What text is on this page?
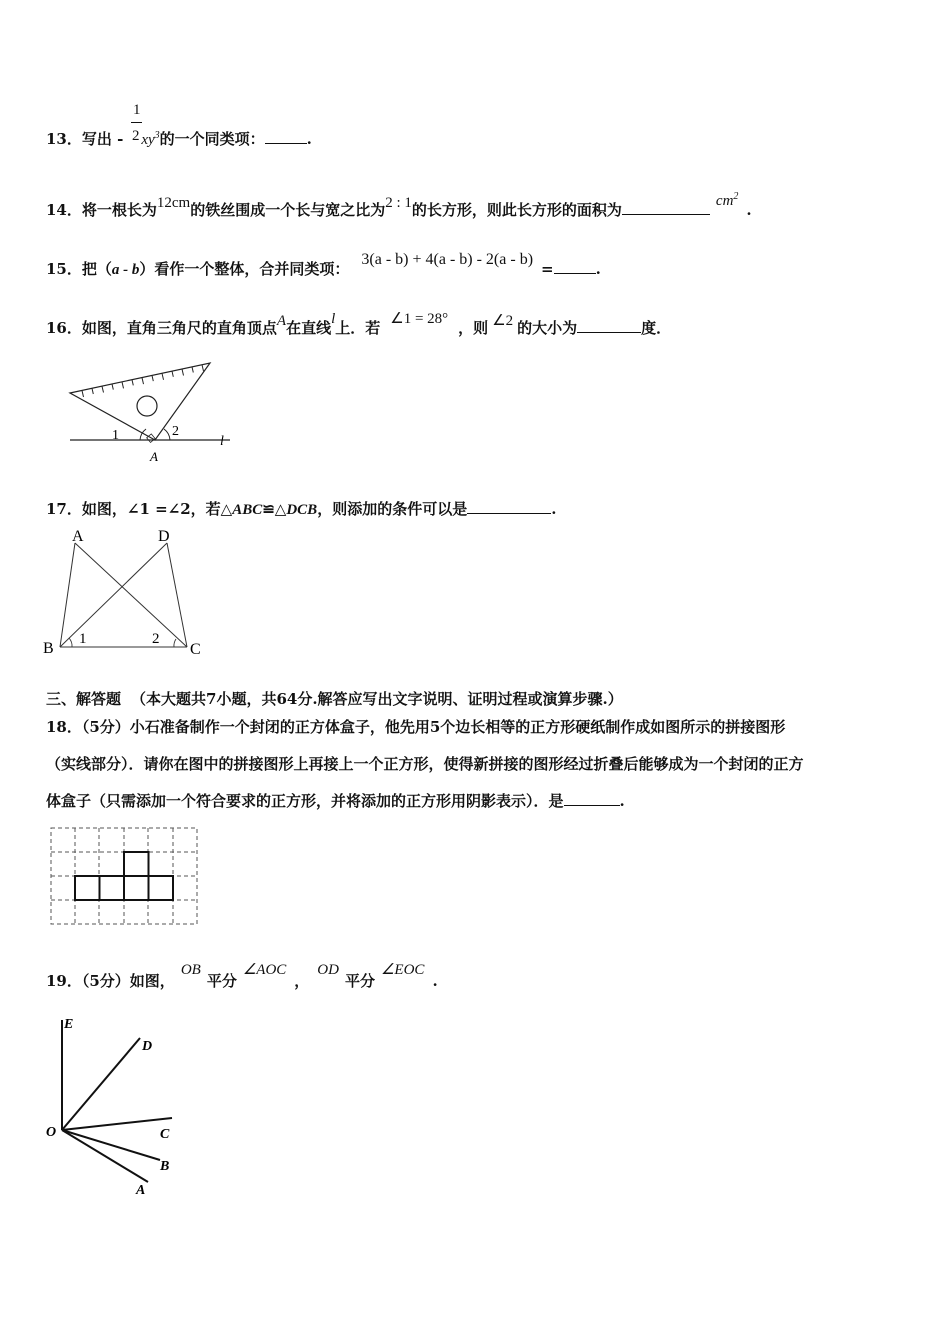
13．写出 - $xy^3$的一个同类项：	.
1
2
14．将一根长为12cm的铁丝围成一个长与宽之比为2 : 1的长方形，则此长方形的面积为	$cm^2$.
15．把（a - b）看作一个整体，合并同类项：3(a - b) + 4(a - b) - 2(a - b)=	.
16．如图，直角三角尺的直角顶点A在直线l上．若 ∠1 = 28° ，则 ∠2 的大小为	度．
1	2
A
l
17．如图，∠1 =∠2，若△ABC≌△DCB，则添加的条件可以是	.
A	D
B	C
1	2
三、解答题 （本大题共7小题，共64分.解答应写出文字说明、证明过程或演算步骤.）
18．（5分）小石准备制作一个封闭的正方体盒子，他先用5个边长相等的正方形硬纸制作成如图所示的拼接图形
（实线部分）．请你在图中的拼接图形上再接上一个正方形，使得新拼接的图形经过折叠后能够成为一个封闭的正方
体盒子（只需添加一个符合要求的正方形，并将添加的正方形用阴影表示）．是	.
19．（5分）如图，OB平分∠AOC，OD平分∠EOC.
E
D
O	C
B
A
